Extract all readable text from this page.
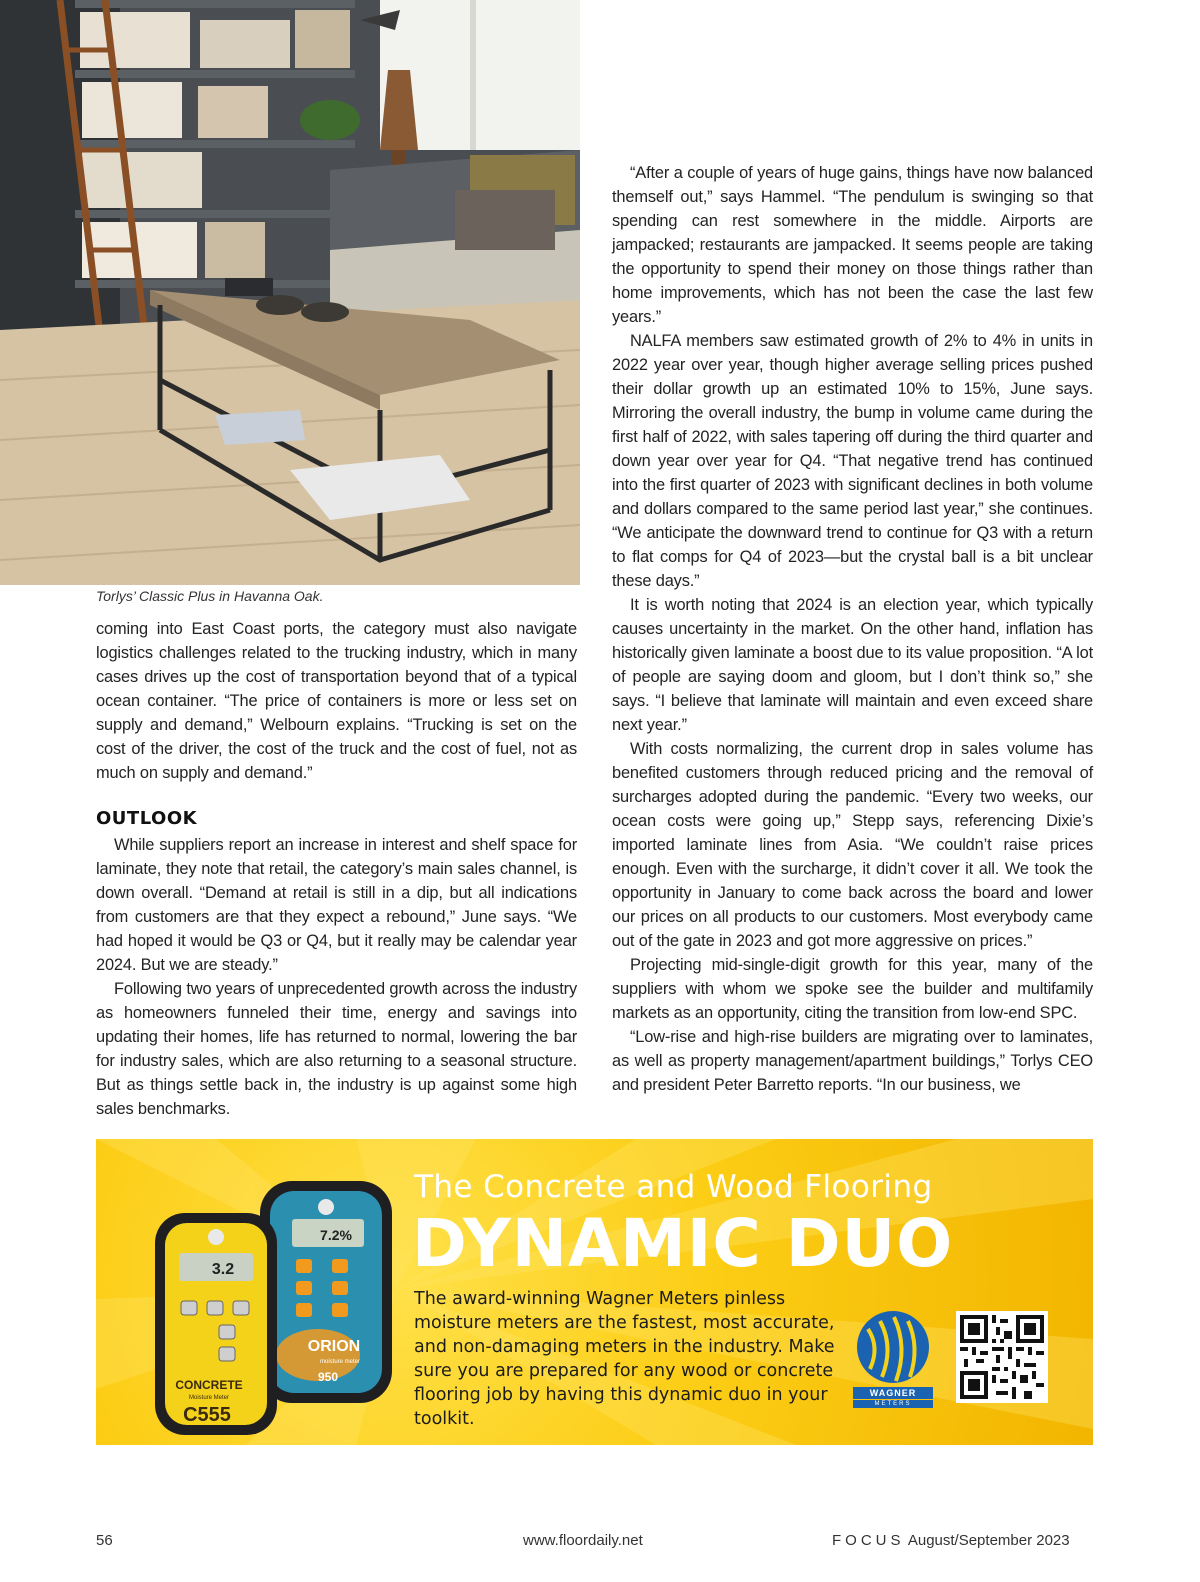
Torlys’ Classic Plus in Havanna Oak.

coming into East Coast ports, the category must also navigate logistics challenges related to the trucking industry, which in many cases drives up the cost of transportation beyond that of a typical ocean container. “The price of containers is more or less set on supply and demand,” Welbourn explains. “Trucking is set on the cost of the driver, the cost of the truck and the cost of fuel, not as much on supply and demand.”

OUTLOOK

While suppliers report an increase in interest and shelf space for laminate, they note that retail, the category’s main sales channel, is down overall. “Demand at retail is still in a dip, but all indications from customers are that they expect a rebound,” June says. “We had hoped it would be Q3 or Q4, but it really may be calendar year 2024. But we are steady.”

Following two years of unprecedented growth across the industry as homeowners funneled their time, energy and savings into updating their homes, life has returned to normal, lowering the bar for industry sales, which are also returning to a seasonal structure. But as things settle back in, the industry is up against some high sales benchmarks.

“After a couple of years of huge gains, things have now balanced themself out,” says Hammel. “The pendulum is swinging so that spending can rest somewhere in the middle. Airports are jampacked; restaurants are jampacked. It seems people are taking the opportunity to spend their money on those things rather than home improvements, which has not been the case the last few years.”

NALFA members saw estimated growth of 2% to 4% in units in 2022 year over year, though higher average selling prices pushed their dollar growth up an estimated 10% to 15%, June says. Mirroring the overall industry, the bump in volume came during the first half of 2022, with sales tapering off during the third quarter and down year over year for Q4. “That negative trend has continued into the first quarter of 2023 with significant declines in both volume and dollars compared to the same period last year,” she continues. “We anticipate the downward trend to continue for Q3 with a return to flat comps for Q4 of 2023—but the crystal ball is a bit unclear these days.”

It is worth noting that 2024 is an election year, which typically causes uncertainty in the market. On the other hand, inflation has historically given laminate a boost due to its value proposition. “A lot of people are saying doom and gloom, but I don’t think so,” she says. “I believe that laminate will maintain and even exceed share next year.”

With costs normalizing, the current drop in sales volume has benefited customers through reduced pricing and the removal of surcharges adopted during the pandemic. “Every two weeks, our ocean costs were going up,” Stepp says, referencing Dixie’s imported laminate lines from Asia. “We couldn’t raise prices enough. Even with the surcharge, it didn’t cover it all. We took the opportunity in January to come back across the board and lower our prices on all products to our customers. Most everybody came out of the gate in 2023 and got more aggressive on prices.”

Projecting mid-single-digit growth for this year, many of the suppliers with whom we spoke see the builder and multifamily markets as an opportunity, citing the transition from low-end SPC.

“Low-rise and high-rise builders are migrating over to laminates, as well as property management/apartment buildings,” Torlys CEO and president Peter Barretto reports. “In our business, we

7.2%
ORION
moisture meter
950
3.2
CONCRETE
Moisture Meter
C555
The Concrete and Wood Flooring
DYNAMIC DUO
The award-winning Wagner Meters pinless moisture meters are the fastest, most accurate, and non-damaging meters in the industry. Make sure you are prepared for any wood or concrete flooring job by having this dynamic duo in your toolkit.
WAGNER
METERS
56	www.floordaily.net	FOCUS August/September 2023
